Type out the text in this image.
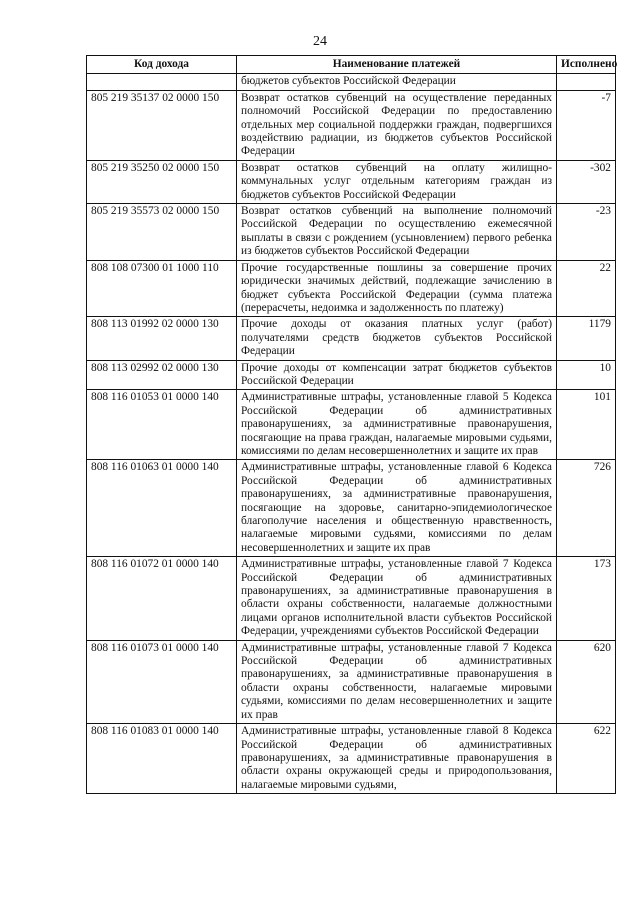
24
Код дохода	Наименование платежей	Исполнено
	бюджетов субъектов Российской Федерации	
805 219 35137 02 0000 150	Возврат остатков субвенций на осуществление переданных полномочий Российской Федерации по предоставлению отдельных мер социальной поддержки граждан, подвергшихся воздействию радиации, из бюджетов субъектов Российской Федерации	-7
805 219 35250 02 0000 150	Возврат остатков субвенций на оплату жилищно-коммунальных услуг отдельным категориям граждан из бюджетов субъектов Российской Федерации	-302
805 219 35573 02 0000 150	Возврат остатков субвенций на выполнение полномочий Российской Федерации по осуществлению ежемесячной выплаты в связи с рождением (усыновлением) первого ребенка из бюджетов субъектов Российской Федерации	-23
808 108 07300 01 1000 110	Прочие государственные пошлины за совершение прочих юридически значимых действий, подлежащие зачислению в бюджет субъекта Российской Федерации (сумма платежа (перерасчеты, недоимка и задолженность по платежу)	22
808 113 01992 02 0000 130	Прочие доходы от оказания платных услуг (работ) получателями средств бюджетов субъектов Российской Федерации	1179
808 113 02992 02 0000 130	Прочие доходы от компенсации затрат бюджетов субъектов Российской Федерации	10
808 116 01053 01 0000 140	Административные штрафы, установленные главой 5 Кодекса Российской Федерации об административных правонарушениях, за административные правонарушения, посягающие на права граждан, налагаемые мировыми судьями, комиссиями по делам несовершеннолетних и защите их прав	101
808 116 01063 01 0000 140	Административные штрафы, установленные главой 6 Кодекса Российской Федерации об административных правонарушениях, за административные правонарушения, посягающие на здоровье, санитарно-эпидемиологическое благополучие населения и общественную нравственность, налагаемые мировыми судьями, комиссиями по делам несовершеннолетних и защите их прав	726
808 116 01072 01 0000 140	Административные штрафы, установленные главой 7 Кодекса Российской Федерации об административных правонарушениях, за административные правонарушения в области охраны собственности, налагаемые должностными лицами органов исполнительной власти субъектов Российской Федерации, учреждениями субъектов Российской Федерации	173
808 116 01073 01 0000 140	Административные штрафы, установленные главой 7 Кодекса Российской Федерации об административных правонарушениях, за административные правонарушения в области охраны собственности, налагаемые мировыми судьями, комиссиями по делам несовершеннолетних и защите их прав	620
808 116 01083 01 0000 140	Административные штрафы, установленные главой 8 Кодекса Российской Федерации об административных правонарушениях, за административные правонарушения в области охраны окружающей среды и природопользования, налагаемые мировыми судьями,	622
